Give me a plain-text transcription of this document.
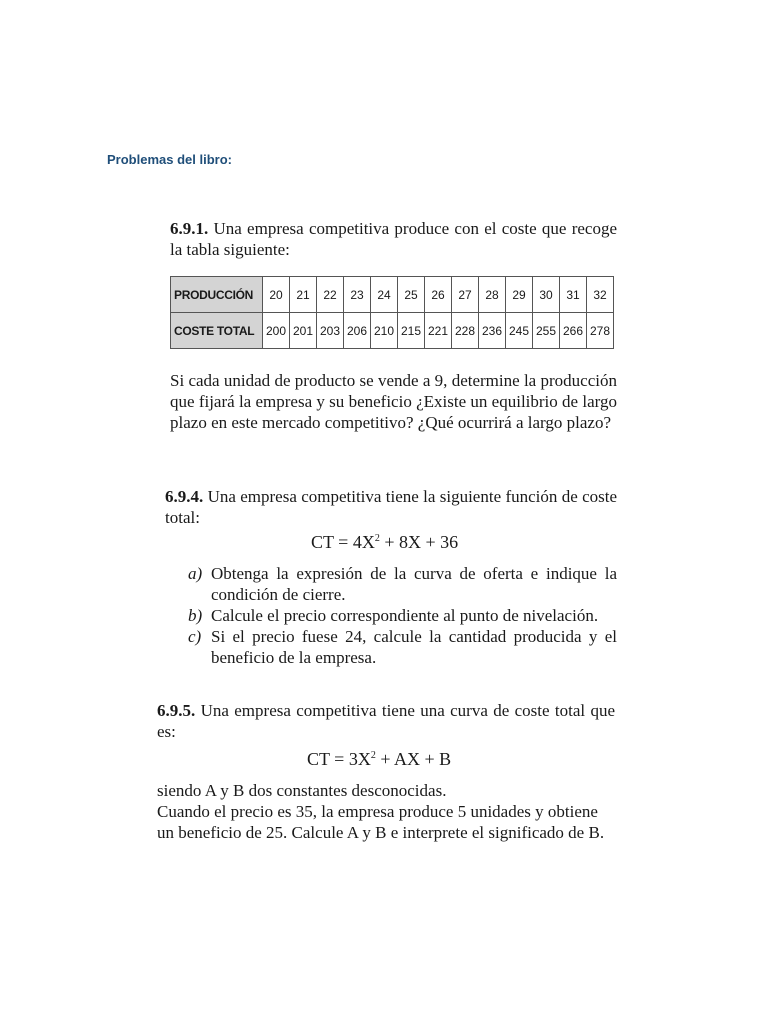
Problemas del libro:
6.9.1. Una empresa competitiva produce con el coste que recoge la tabla siguiente:
PRODUCCIÓN	20	21	22	23	24	25	26	27	28	29	30	31	32
COSTE TOTAL	200	201	203	206	210	215	221	228	236	245	255	266	278
Si cada unidad de producto se vende a 9, determine la producción que fijará la empresa y su beneficio ¿Existe un equilibrio de largo plazo en este mercado competitivo? ¿Qué ocurrirá a largo plazo?
6.9.4. Una empresa competitiva tiene la siguiente función de coste total:
CT = $4X^2 + 8X + 36$
a) Obtenga la expresión de la curva de oferta e indique la condición de cierre.
b) Calcule el precio correspondiente al punto de nivelación.
c) Si el precio fuese 24, calcule la cantidad producida y el beneficio de la empresa.
6.9.5. Una empresa competitiva tiene una curva de coste total que es:
CT = $3X^2$ + AX + B
siendo A y B dos constantes desconocidas.
Cuando el precio es 35, la empresa produce 5 unidades y obtiene un beneficio de 25. Calcule A y B e interprete el significado de B.
